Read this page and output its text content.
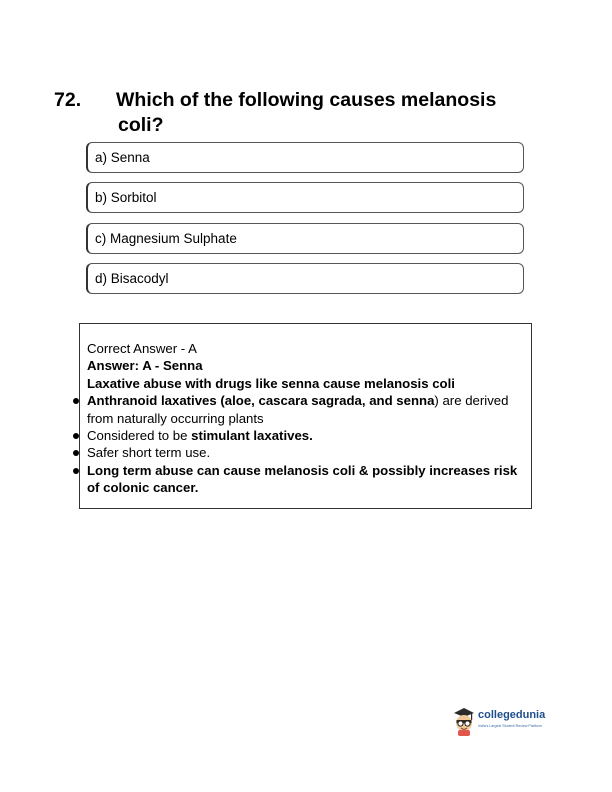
72. Which of the following causes melanosis coli?
a) Senna
b) Sorbitol
c) Magnesium Sulphate
d) Bisacodyl
Correct Answer - A
Answer: A - Senna
Laxative abuse with drugs like senna cause melanosis coli
Anthranoid laxatives (aloe, cascara sagrada, and senna) are derived from naturally occurring plants
Considered to be stimulant laxatives.
Safer short term use.
Long term abuse can cause melanosis coli & possibly increases risk of colonic cancer.
collegedunia
India's Largest Student Review Platform
